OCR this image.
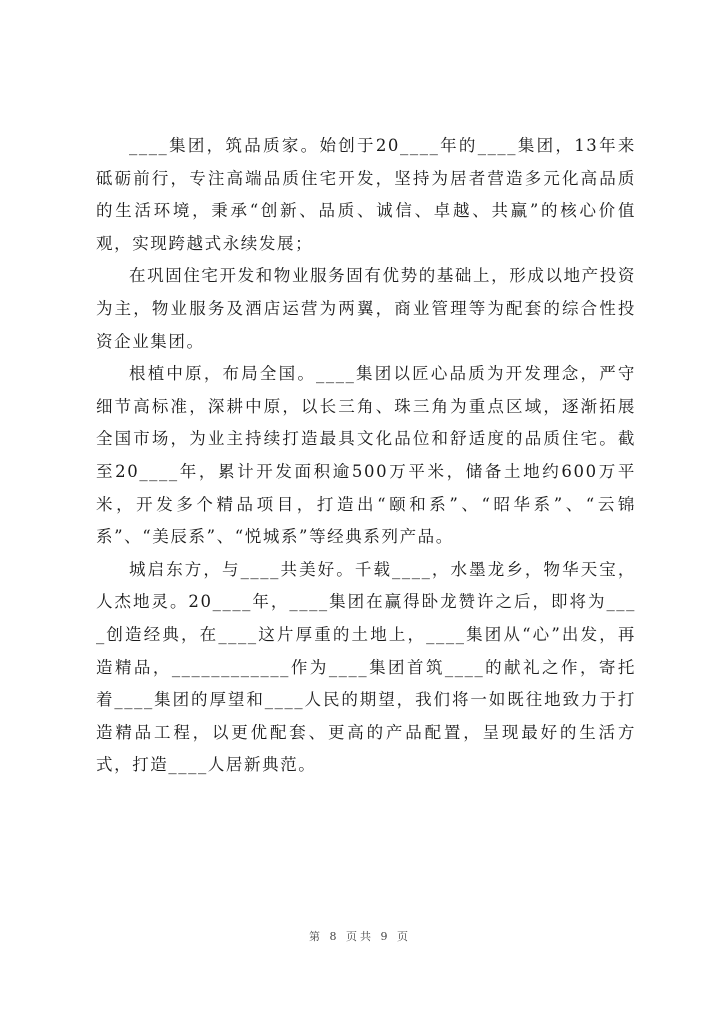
____集团，筑品质家。始创于20____年的____集团，13年来砥砺前行，专注高端品质住宅开发，坚持为居者营造多元化高品质的生活环境，秉承“创新、品质、诚信、卓越、共赢”的核心价值观，实现跨越式永续发展；

在巩固住宅开发和物业服务固有优势的基础上，形成以地产投资为主，物业服务及酒店运营为两翼，商业管理等为配套的综合性投资企业集团。

根植中原，布局全国。____集团以匠心品质为开发理念，严守细节高标准，深耕中原，以长三角、珠三角为重点区域，逐渐拓展全国市场，为业主持续打造最具文化品位和舒适度的品质住宅。截至20____年，累计开发面积逾500万平米，储备土地约600万平米，开发多个精品项目，打造出“颐和系”、“昭华系”、“云锦系”、“美辰系”、“悦城系”等经典系列产品。

城启东方，与____共美好。千载____，水墨龙乡，物华天宝，人杰地灵。20____年，____集团在赢得卧龙赞许之后，即将为____创造经典，在____这片厚重的土地上，____集团从“心”出发，再造精品，____________作为____集团首筑____的献礼之作，寄托着____集团的厚望和____人民的期望，我们将一如既往地致力于打造精品工程，以更优配套、更高的产品配置，呈现最好的生活方式，打造____人居新典范。

第 8 页共 9 页
